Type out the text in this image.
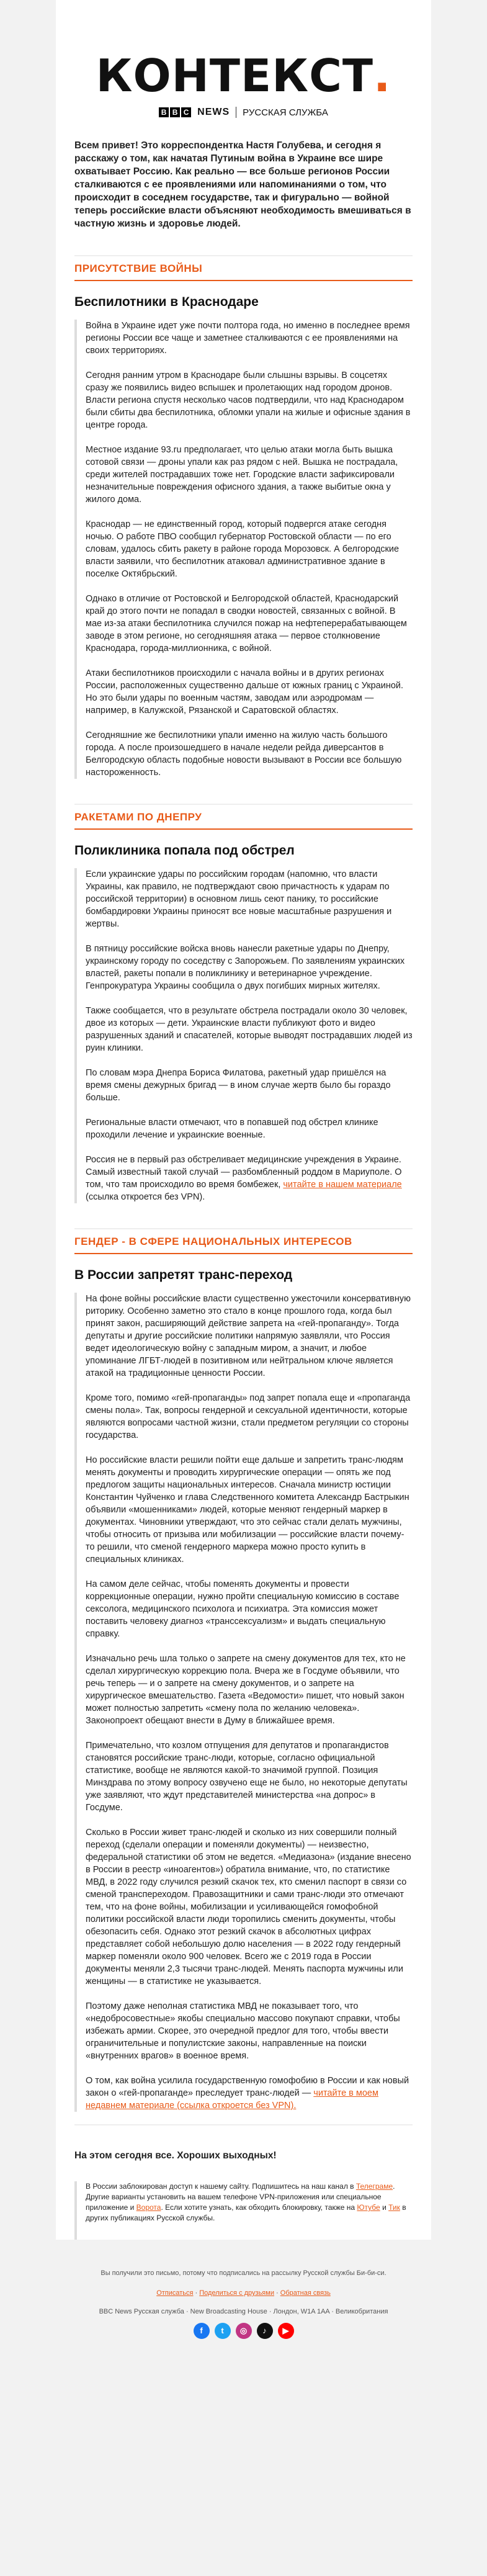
КОНТЕКСТ.
B B C NEWS РУССКАЯ СЛУЖБА

Всем привет! Это корреспондентка Настя Голубева, и сегодня я расскажу о том, как начатая Путиным война в Украине все шире охватывает Россию. Как реально — все больше регионов России сталкиваются с ее проявлениями или напоминаниями о том, что происходит в соседнем государстве, так и фигурально — войной теперь российские власти объясняют необходимость вмешиваться в частную жизнь и здоровье людей.

ПРИСУТСТВИЕ ВОЙНЫ
Беспилотники в Краснодаре

Война в Украине идет уже почти полтора года, но именно в последнее время регионы России все чаще и заметнее сталкиваются с ее проявлениями на своих территориях.

Сегодня ранним утром в Краснодаре были слышны взрывы. В соцсетях сразу же появились видео вспышек и пролетающих над городом дронов. Власти региона спустя несколько часов подтвердили, что над Краснодаром были сбиты два беспилотника, обломки упали на жилые и офисные здания в центре города.

Местное издание 93.ru предполагает, что целью атаки могла быть вышка сотовой связи — дроны упали как раз рядом с ней. Вышка не пострадала, среди жителей пострадавших тоже нет. Городские власти зафиксировали незначительные повреждения офисного здания, а также выбитые окна у жилого дома.

Краснодар — не единственный город, который подвергся атаке сегодня ночью. О работе ПВО сообщил губернатор Ростовской области — по его словам, удалось сбить ракету в районе города Морозовск. А белгородские власти заявили, что беспилотник атаковал административное здание в поселке Октябрьский.

Однако в отличие от Ростовской и Белгородской областей, Краснодарский край до этого почти не попадал в сводки новостей, связанных с войной. В мае из-за атаки беспилотника случился пожар на нефтеперерабатывающем заводе в этом регионе, но сегодняшняя атака — первое столкновение Краснодара, города-миллионника, с войной.

Атаки беспилотников происходили с начала войны и в других регионах России, расположенных существенно дальше от южных границ с Украиной. Но это были удары по военным частям, заводам или аэродромам — например, в Калужской, Рязанской и Саратовской областях.

Сегодняшние же беспилотники упали именно на жилую часть большого города. А после произошедшего в начале недели рейда диверсантов в Белгородскую область подобные новости вызывают в России все большую настороженность.

РАКЕТАМИ ПО ДНЕПРУ
Поликлиника попала под обстрел

Если украинские удары по российским городам (напомню, что власти Украины, как правило, не подтверждают свою причастность к ударам по российской территории) в основном лишь сеют панику, то российские бомбардировки Украины приносят все новые масштабные разрушения и жертвы.

В пятницу российские войска вновь нанесли ракетные удары по Днепру, украинскому городу по соседству с Запорожьем. По заявлениям украинских властей, ракеты попали в поликлинику и ветеринарное учреждение. Генпрокуратура Украины сообщила о двух погибших мирных жителях.

Также сообщается, что в результате обстрела пострадали около 30 человек, двое из которых — дети. Украинские власти публикуют фото и видео разрушенных зданий и спасателей, которые выводят пострадавших людей из руин клиники.

По словам мэра Днепра Бориса Филатова, ракетный удар пришёлся на время смены дежурных бригад — в ином случае жертв было бы гораздо больше.

Региональные власти отмечают, что в попавшей под обстрел клинике проходили лечение и украинские военные.

Россия не в первый раз обстреливает медицинские учреждения в Украине. Самый известный такой случай — разбомбленный роддом в Мариуполе. О том, что там происходило во время бомбежек, читайте в нашем материале (ссылка откроется без VPN).

ГЕНДЕР - В СФЕРЕ НАЦИОНАЛЬНЫХ ИНТЕРЕСОВ
В России запретят транс-переход

На фоне войны российские власти существенно ужесточили консервативную риторику. Особенно заметно это стало в конце прошлого года, когда был принят закон, расширяющий действие запрета на «гей-пропаганду». Тогда депутаты и другие российские политики напрямую заявляли, что Россия ведет идеологическую войну с западным миром, а значит, и любое упоминание ЛГБТ-людей в позитивном или нейтральном ключе является атакой на традиционные ценности России.

Кроме того, помимо «гей-пропаганды» под запрет попала еще и «пропаганда смены пола». Так, вопросы гендерной и сексуальной идентичности, которые являются вопросами частной жизни, стали предметом регуляции со стороны государства.

Но российские власти решили пойти еще дальше и запретить транс-людям менять документы и проводить хирургические операции — опять же под предлогом защиты национальных интересов. Сначала министр юстиции Константин Чуйченко и глава Следственного комитета Александр Бастрыкин объявили «мошенниками» людей, которые меняют гендерный маркер в документах. Чиновники утверждают, что это сейчас стали делать мужчины, чтобы относить от призыва или мобилизации — российские власти почему-то решили, что сменой гендерного маркера можно просто купить в специальных клиниках.

На самом деле сейчас, чтобы поменять документы и провести коррекционные операции, нужно пройти специальную комиссию в составе сексолога, медицинского психолога и психиатра. Эта комиссия может поставить человеку диагноз «транссексуализм» и выдать специальную справку.

Изначально речь шла только о запрете на смену документов для тех, кто не сделал хирургическую коррекцию пола. Вчера же в Госдуме объявили, что речь теперь — и о запрете на смену документов, и о запрете на хирургическое вмешательство. Газета «Ведомости» пишет, что новый закон может полностью запретить «смену пола по желанию человека». Законопроект обещают внести в Думу в ближайшее время.

Примечательно, что козлом отпущения для депутатов и пропагандистов становятся российские транс-люди, которые, согласно официальной статистике, вообще не являются какой-то значимой группой. Позиция Минздрава по этому вопросу озвучено еще не было, но некоторые депутаты уже заявляют, что ждут представителей министерства «на допрос» в Госдуме.

Сколько в России живет транс-людей и сколько из них совершили полный переход (сделали операции и поменяли документы) — неизвестно, федеральной статистики об этом не ведется. «Медиазона» (издание внесено в России в реестр «иноагентов») обратила внимание, что, по статистике МВД, в 2022 году случился резкий скачок тех, кто сменил паспорт в связи со сменой транспереходом. Правозащитники и сами транс-люди это отмечают тем, что на фоне войны, мобилизации и усиливающейся гомофобной политики российской власти люди торопились сменить документы, чтобы обезопасить себя. Однако этот резкий скачок в абсолютных цифрах представляет собой небольшую долю населения — в 2022 году гендерный маркер поменяли около 900 человек. Всего же с 2019 года в России документы меняли 2,3 тысячи транс-людей. Менять паспорта мужчины или женщины — в статистике не указывается.

Поэтому даже неполная статистика МВД не показывает того, что «недобросовестные» якобы специально массово покупают справки, чтобы избежать армии. Скорее, это очередной предлог для того, чтобы ввести ограничительные и популистские законы, направленные на поиски «внутренних врагов» в военное время.

О том, как война усилила государственную гомофобию в России и как новый закон о «гей-пропаганде» преследует транс-людей — читайте в моем недавнем материале (ссылка откроется без VPN).

На этом сегодня все. Хороших выходных!
В России заблокирован доступ к нашему сайту. Подпишитесь на наш канал в Телеграме. Другие варианты установить на вашем телефоне VPN-приложения или специальное приложение и Ворота. Если хотите узнать, как обходить блокировку, также на Ютубе и Тик в других публикациях Русской службы.
Вы получили это письмо, потому что подписались на рассылку Русской службы Би-би-си.
Отписаться · Поделиться с друзьями · Обратная связь
BBC News Русская служба · New Broadcasting House · Лондон, W1A 1AA · Великобритания
f	t	◎	♪	▶
